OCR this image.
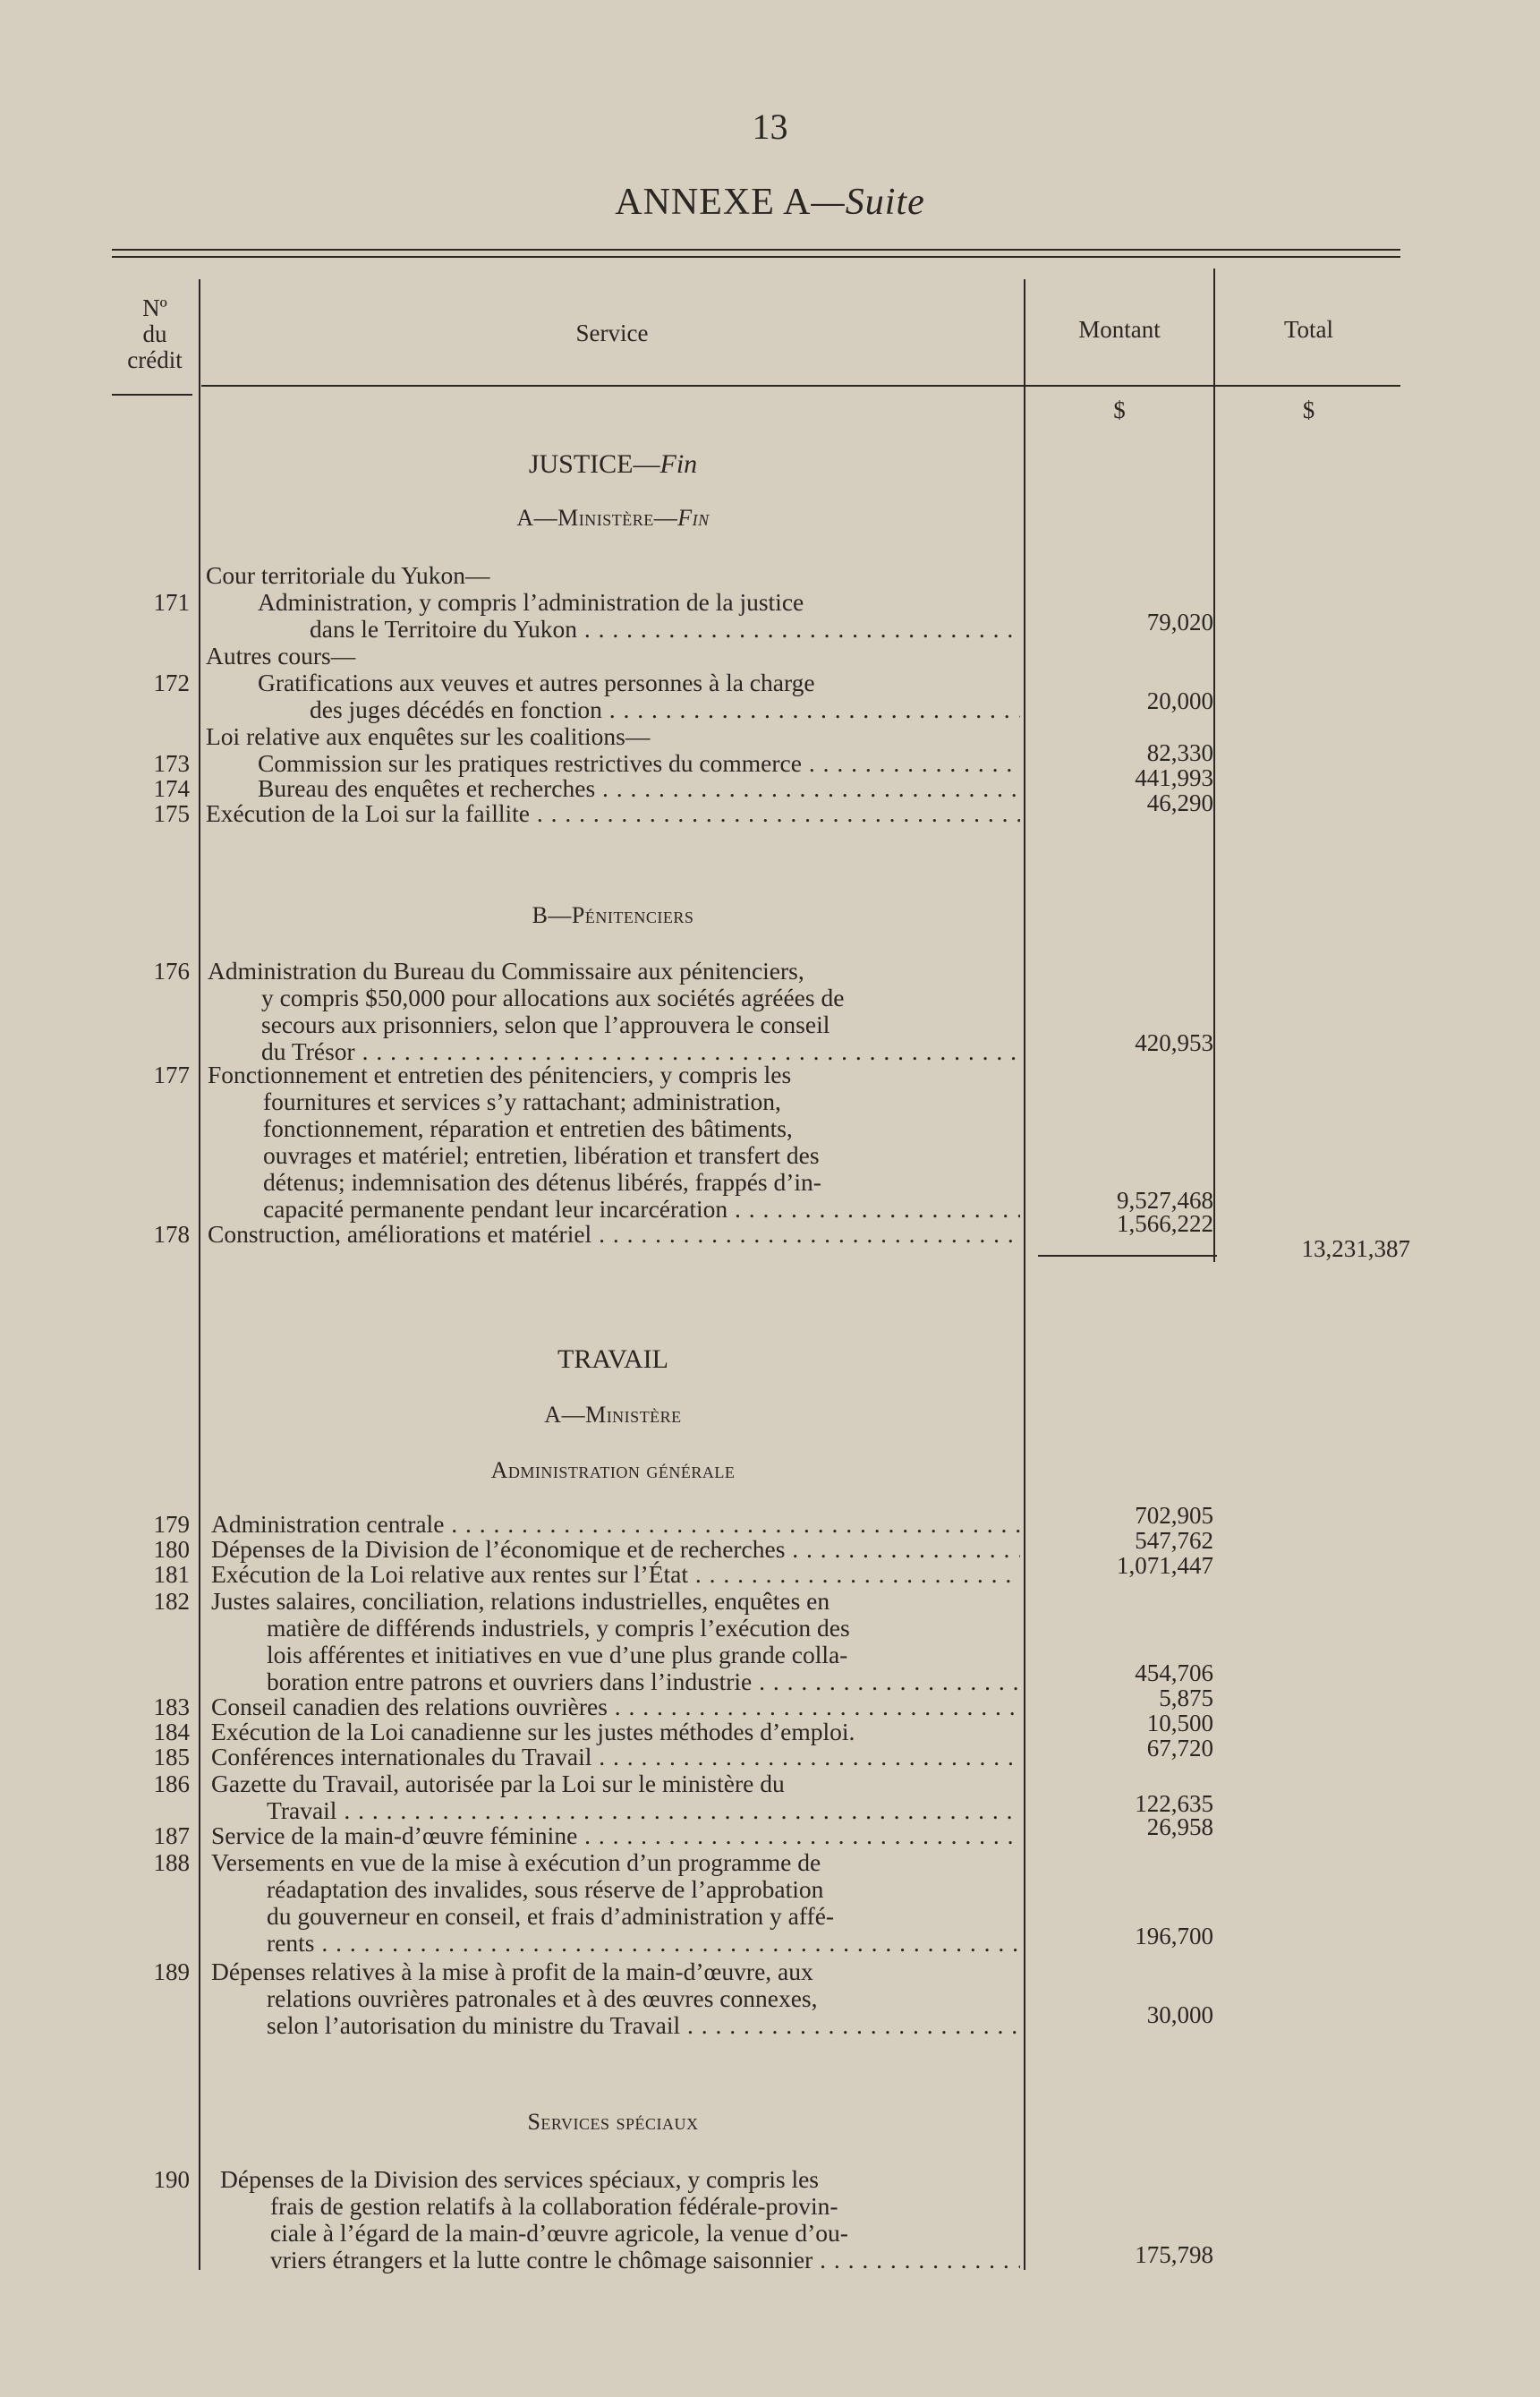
13
ANNEXE A—Suite
Nº
du
crédit
Service	Montant	Total
$	$
JUSTICE—Fin
A—Ministère—Fin
Cour territoriale du Yukon—
171	Administration, y compris l’administration de la justice
dans le Territoire du Yukon . . .	79,020
Autres cours—
172	Gratifications aux veuves et autres personnes à la charge
des juges décédés en fonction . . .	20,000
Loi relative aux enquêtes sur les coalitions—
173	Commission sur les pratiques restrictives du commerce . . .	82,330
174	Bureau des enquêtes et recherches . . .	441,993
175 Exécution de la Loi sur la faillite . . .	46,290
B—Pénitenciers
176 Administration du Bureau du Commissaire aux pénitenciers,
y compris $50,000 pour allocations aux sociétés agréées de
secours aux prisonniers, selon que l’approuvera le conseil
du Trésor . . .	420,953
177 Fonctionnement et entretien des pénitenciers, y compris les
fournitures et services s’y rattachant; administration,
fonctionnement, réparation et entretien des bâtiments,
ouvrages et matériel; entretien, libération et transfert des
détenus; indemnisation des détenus libérés, frappés d’in-
capacité permanente pendant leur incarcération . . .	9,527,468
178 Construction, améliorations et matériel . . .	1,566,222
13,231,387
TRAVAIL
A—Ministère
Administration générale
179 Administration centrale . . .	702,905
180 Dépenses de la Division de l’économique et de recherches . . .	547,762
181 Exécution de la Loi relative aux rentes sur l’État . . .	1,071,447
182 Justes salaires, conciliation, relations industrielles, enquêtes en
matière de différends industriels, y compris l’exécution des
lois afférentes et initiatives en vue d’une plus grande colla-
boration entre patrons et ouvriers dans l’industrie . . .	454,706
183 Conseil canadien des relations ouvrières . . .	5,875
184 Exécution de la Loi canadienne sur les justes méthodes d’emploi.	10,500
185 Conférences internationales du Travail . . .	67,720
186 Gazette du Travail, autorisée par la Loi sur le ministère du
Travail . . .	122,635
187 Service de la main-d’œuvre féminine . . .	26,958
188 Versements en vue de la mise à exécution d’un programme de
réadaptation des invalides, sous réserve de l’approbation
du gouverneur en conseil, et frais d’administration y affé-
rents . . .	196,700
189 Dépenses relatives à la mise à profit de la main-d’œuvre, aux
relations ouvrières patronales et à des œuvres connexes,
selon l’autorisation du ministre du Travail . . .	30,000
Services spéciaux
190 Dépenses de la Division des services spéciaux, y compris les
frais de gestion relatifs à la collaboration fédérale-provin-
ciale à l’égard de la main-d’œuvre agricole, la venue d’ou-
vriers étrangers et la lutte contre le chômage saisonnier . . .	175,798
